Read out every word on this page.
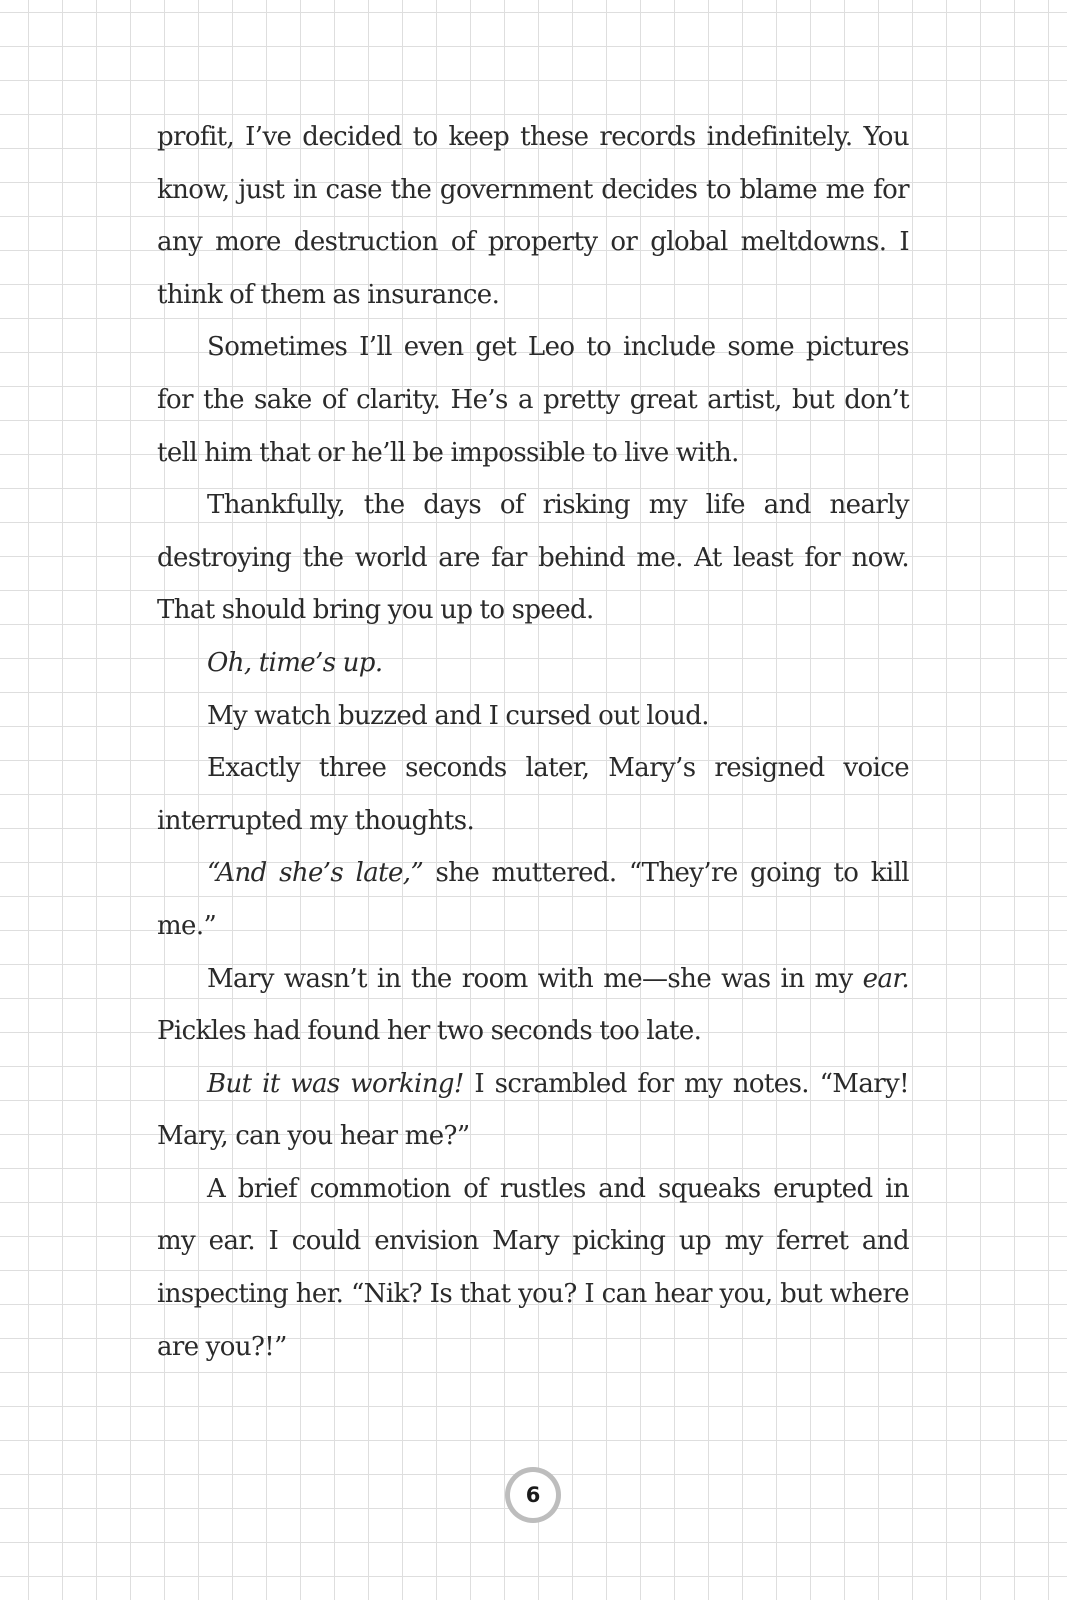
profit, I’ve decided to keep these records indefinitely. You know, just in case the government decides to blame me for any more destruction of property or global meltdowns. I think of them as insurance.

Sometimes I’ll even get Leo to include some pictures for the sake of clarity. He’s a pretty great artist, but don’t tell him that or he’ll be impossible to live with.

Thankfully, the days of risking my life and nearly destroying the world are far behind me. At least for now. That should bring you up to speed.

Oh, time’s up.

My watch buzzed and I cursed out loud.

Exactly three seconds later, Mary’s resigned voice interrupted my thoughts.

“And she’s late,” she muttered. “They’re going to kill me.”

Mary wasn’t in the room with me—she was in my ear. Pickles had found her two seconds too late.

But it was working! I scrambled for my notes. “Mary! Mary, can you hear me?”

A brief commotion of rustles and squeaks erupted in my ear. I could envision Mary picking up my ferret and inspecting her. “Nik? Is that you? I can hear you, but where are you?!”

6
